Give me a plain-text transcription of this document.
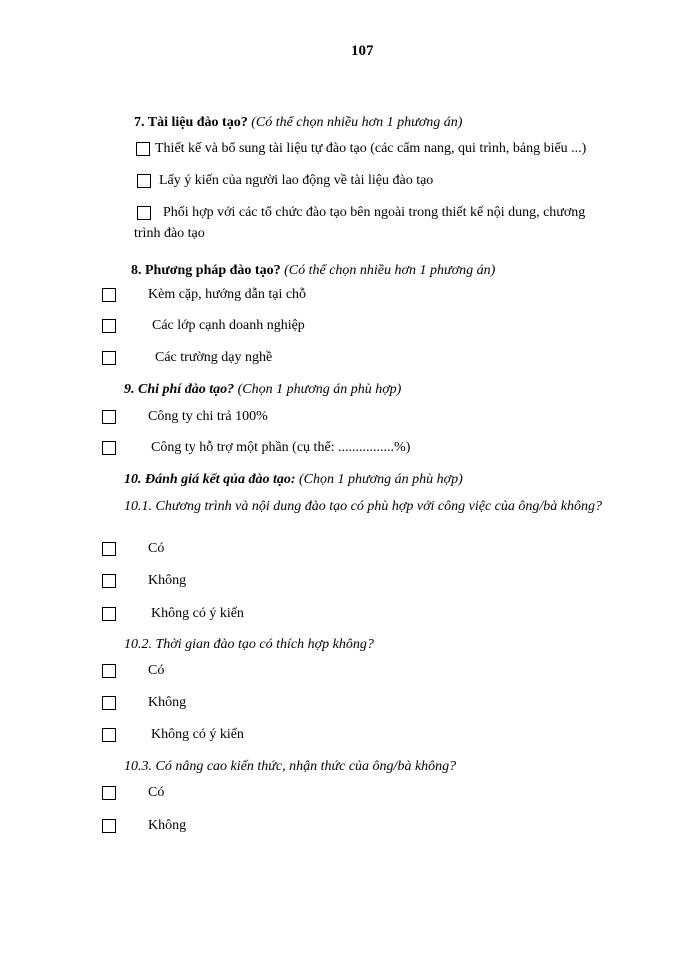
107
7. Tài liệu đào tạo? (Có thể chọn nhiều hơn 1 phương án)
Thiết kế và bổ sung tài liệu tự đào tạo (các cẩm nang, qui trình, bảng biểu ...)
Lấy ý kiến của người lao động về tài liệu đào tạo
Phối hợp với các tổ chức đào tạo bên ngoài trong thiết kế nội dung, chương
trình đào tạo
8. Phương pháp đào tạo? (Có thể chọn nhiều hơn 1 phương án)
Kèm cặp, hướng dẫn tại chỗ
Các lớp cạnh doanh nghiệp
Các trường dạy nghề
9. Chi phí đào tạo? (Chọn 1 phương án phù hợp)
Công ty chi trả 100%
Công ty hỗ trợ một phần (cụ thể: ................%)
10. Đánh giá kết qủa đào tạo: (Chọn 1 phương án phù hợp)
10.1. Chương trình và nội dung đào tạo có phù hợp với công việc của ông/bà không?
Có
Không
Không có ý kiến
10.2. Thời gian đào tạo có thích hợp không?
Có
Không
Không có ý kiến
10.3. Có nâng cao kiến thức, nhận thức của ông/bà không?
Có
Không
